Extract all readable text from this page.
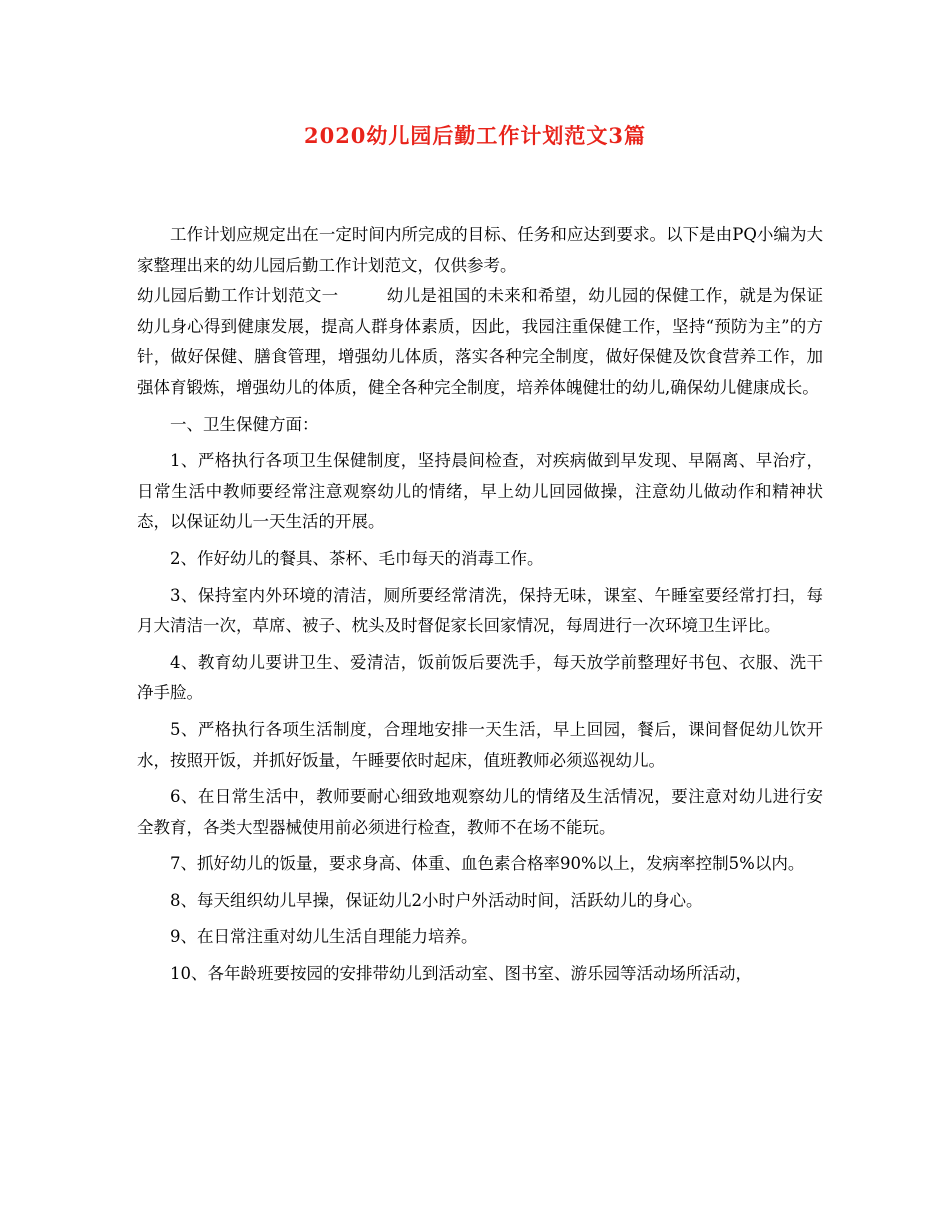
2020幼儿园后勤工作计划范文3篇

工作计划应规定出在一定时间内所完成的目标、任务和应达到要求。以下是由PQ小编为大家整理出来的幼儿园后勤工作计划范文，仅供参考。

幼儿园后勤工作计划范文一	幼儿是祖国的未来和希望，幼儿园的保健工作，就是为保证幼儿身心得到健康发展，提高人群身体素质，因此，我园注重保健工作，坚持“预防为主”的方针，做好保健、膳食管理，增强幼儿体质，落实各种完全制度，做好保健及饮食营养工作，加强体育锻炼，增强幼儿的体质，健全各种完全制度，培养体魄健壮的幼儿,确保幼儿健康成长。

一、卫生保健方面：

1、严格执行各项卫生保健制度，坚持晨间检查，对疾病做到早发现、早隔离、早治疗，日常生活中教师要经常注意观察幼儿的情绪，早上幼儿回园做操，注意幼儿做动作和精神状态，以保证幼儿一天生活的开展。

2、作好幼儿的餐具、茶杯、毛巾每天的消毒工作。

3、保持室内外环境的清洁，厕所要经常清洗，保持无味，课室、午睡室要经常打扫，每月大清洁一次，草席、被子、枕头及时督促家长回家情况，每周进行一次环境卫生评比。

4、教育幼儿要讲卫生、爱清洁，饭前饭后要洗手，每天放学前整理好书包、衣服、洗干净手脸。

5、严格执行各项生活制度，合理地安排一天生活，早上回园，餐后，课间督促幼儿饮开水，按照开饭，并抓好饭量，午睡要依时起床，值班教师必须巡视幼儿。

6、在日常生活中，教师要耐心细致地观察幼儿的情绪及生活情况，要注意对幼儿进行安全教育，各类大型器械使用前必须进行检查，教师不在场不能玩。

7、抓好幼儿的饭量，要求身高、体重、血色素合格率90%以上，发病率控制5%以内。

8、每天组织幼儿早操，保证幼儿2小时户外活动时间，活跃幼儿的身心。

9、在日常注重对幼儿生活自理能力培养。

10、各年龄班要按园的安排带幼儿到活动室、图书室、游乐园等活动场所活动，
